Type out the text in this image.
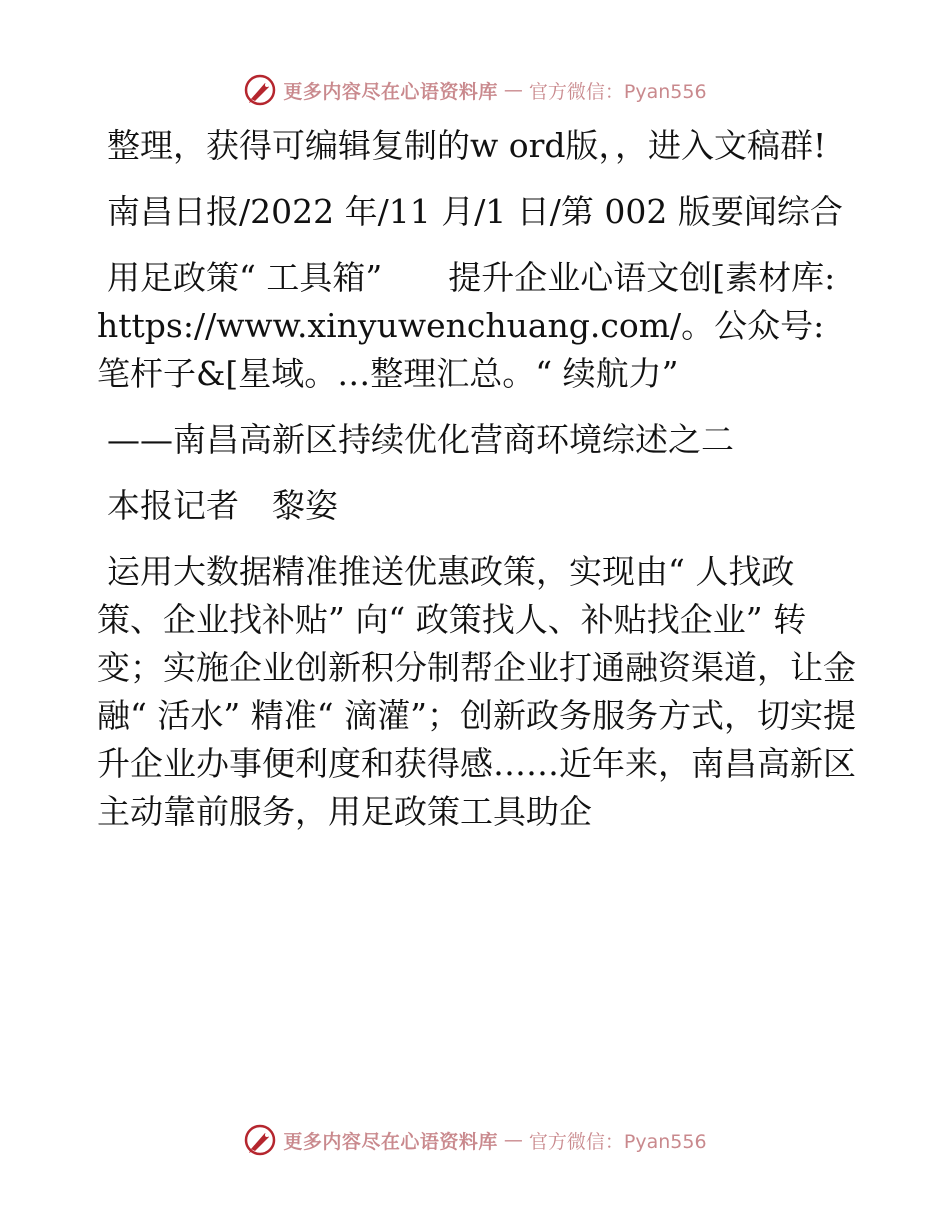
更多内容尽在心语资料库 — 官方微信：Pyan556

整理，获得可编辑复制的w ord版，，进入文稿群!

南昌日报/2022 年/11 月/1 日/第 002 版要闻综合

用足政策“ 工具箱”　　提升企业心语文创[素材库: https://www.xinyuwenchuang.com/。公众号: 笔杆子&[星域。…整理汇总。“ 续航力”

——南昌高新区持续优化营商环境综述之二

本报记者　黎姿

运用大数据精准推送优惠政策，实现由“ 人找政策、企业找补贴” 向“ 政策找人、补贴找企业” 转变；实施企业创新积分制帮企业打通融资渠道，让金融“ 活水” 精准“ 滴灌”；创新政务服务方式，切实提升企业办事便利度和获得感……近年来，南昌高新区主动靠前服务，用足政策工具助企

更多内容尽在心语资料库 — 官方微信：Pyan556
